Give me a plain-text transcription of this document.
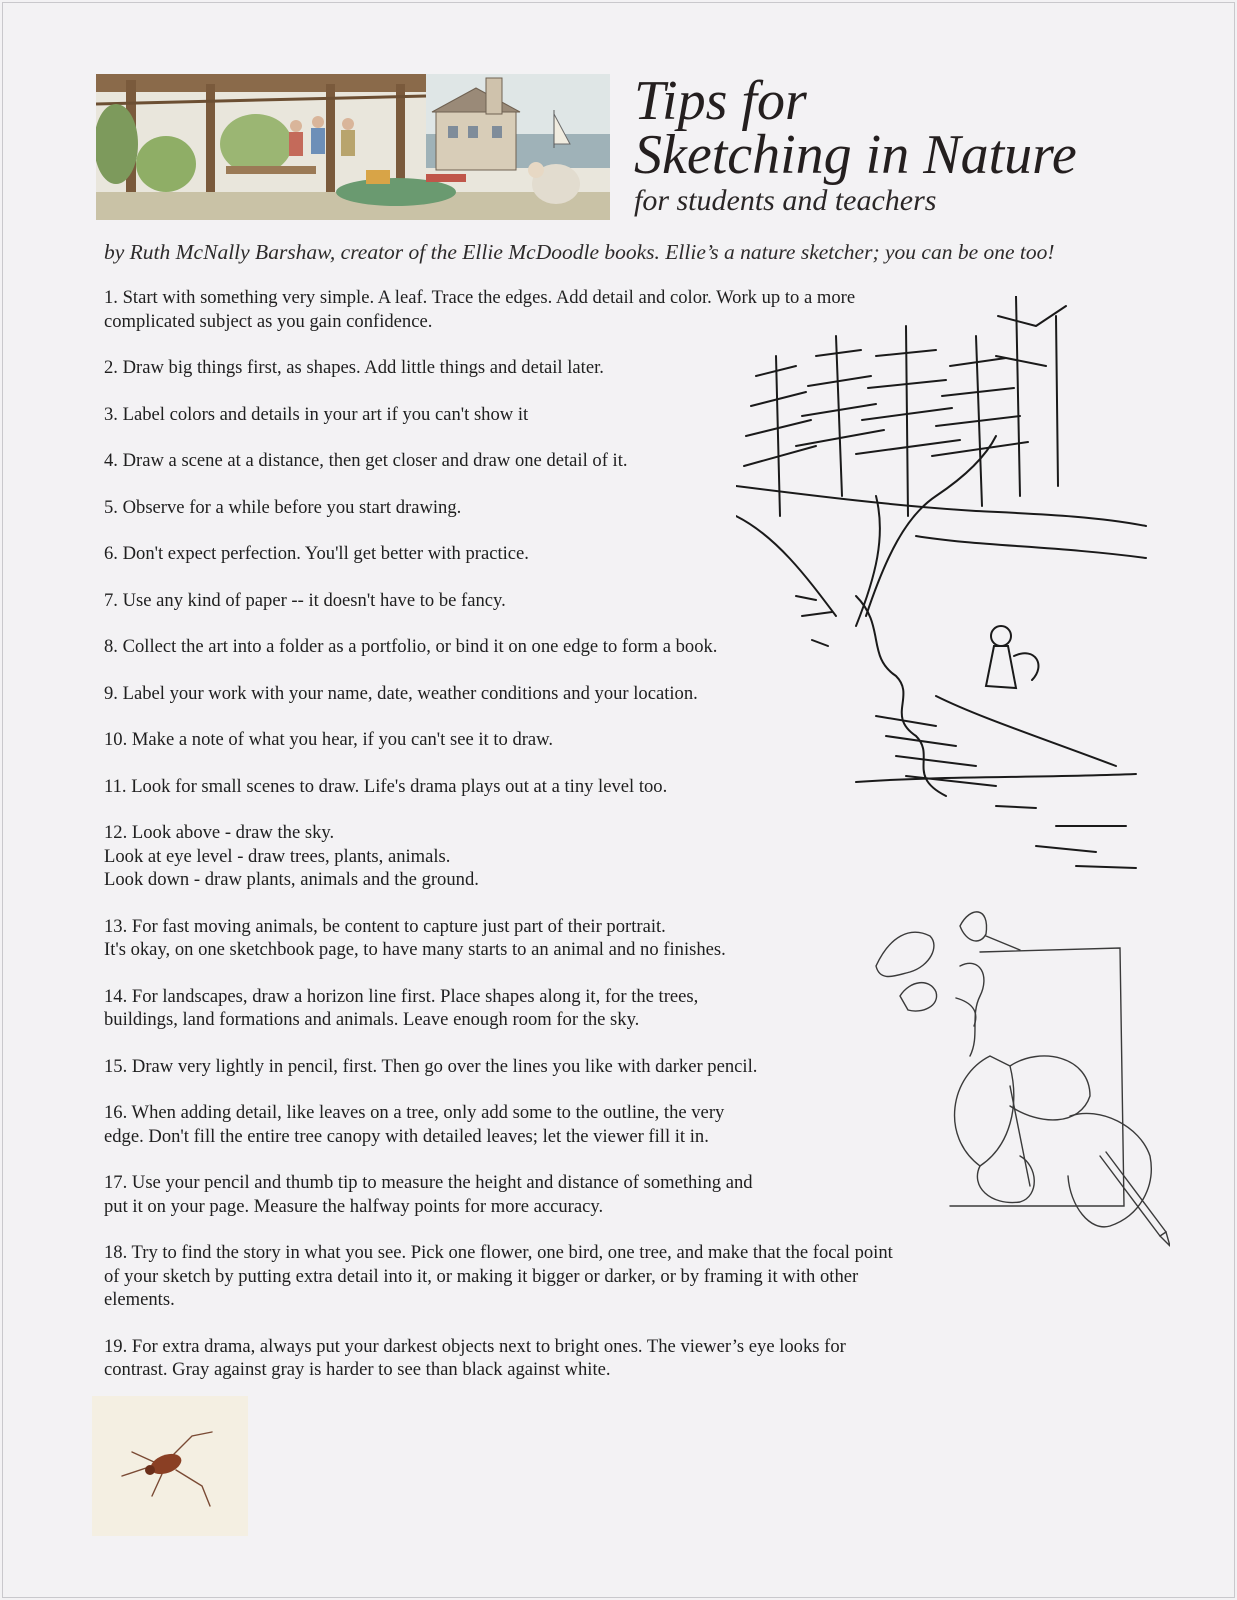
Tips for
Sketching in Nature
for students and teachers
by Ruth McNally Barshaw, creator of the Ellie McDoodle books. Ellie’s a nature sketcher; you can be one too!
1. Start with something very simple. A leaf. Trace the edges. Add detail and color. Work up to a more
complicated subject as you gain confidence.
2. Draw big things first, as shapes. Add little things and detail later.
3. Label colors and details in your art if you can't show it
4. Draw a scene at a distance, then get closer and draw one detail of it.
5. Observe for a while before you start drawing.
6. Don't expect perfection. You'll get better with practice.
7. Use any kind of paper -- it doesn't have to be fancy.
8. Collect the art into a folder as a portfolio, or bind it on one edge to form a book.
9. Label your work with your name, date, weather conditions and your location.
10. Make a note of what you hear, if you can't see it to draw.
11. Look for small scenes to draw. Life's drama plays out at a tiny level too.
12. Look above - draw the sky.
Look at eye level - draw trees, plants, animals.
Look down - draw plants, animals and the ground.
13. For fast moving animals, be content to capture just part of their portrait.
It's okay, on one sketchbook page, to have many starts to an animal and no finishes.
14. For landscapes, draw a horizon line first. Place shapes along it, for the trees,
buildings, land formations and animals. Leave enough room for the sky.
15. Draw very lightly in pencil, first. Then go over the lines you like with darker pencil.
16. When adding detail, like leaves on a tree, only add some to the outline, the very
edge. Don't fill the entire tree canopy with detailed leaves; let the viewer fill it in.
17. Use your pencil and thumb tip to measure the height and distance of something and
put it on your page. Measure the halfway points for more accuracy.
18. Try to find the story in what you see. Pick one flower, one bird, one tree, and make that the focal point
of your sketch by putting extra detail into it, or making it bigger or darker, or by framing it with other
elements.
19. For extra drama, always put your darkest objects next to bright ones. The viewer’s eye looks for
contrast. Gray against gray is harder to see than black against white.
